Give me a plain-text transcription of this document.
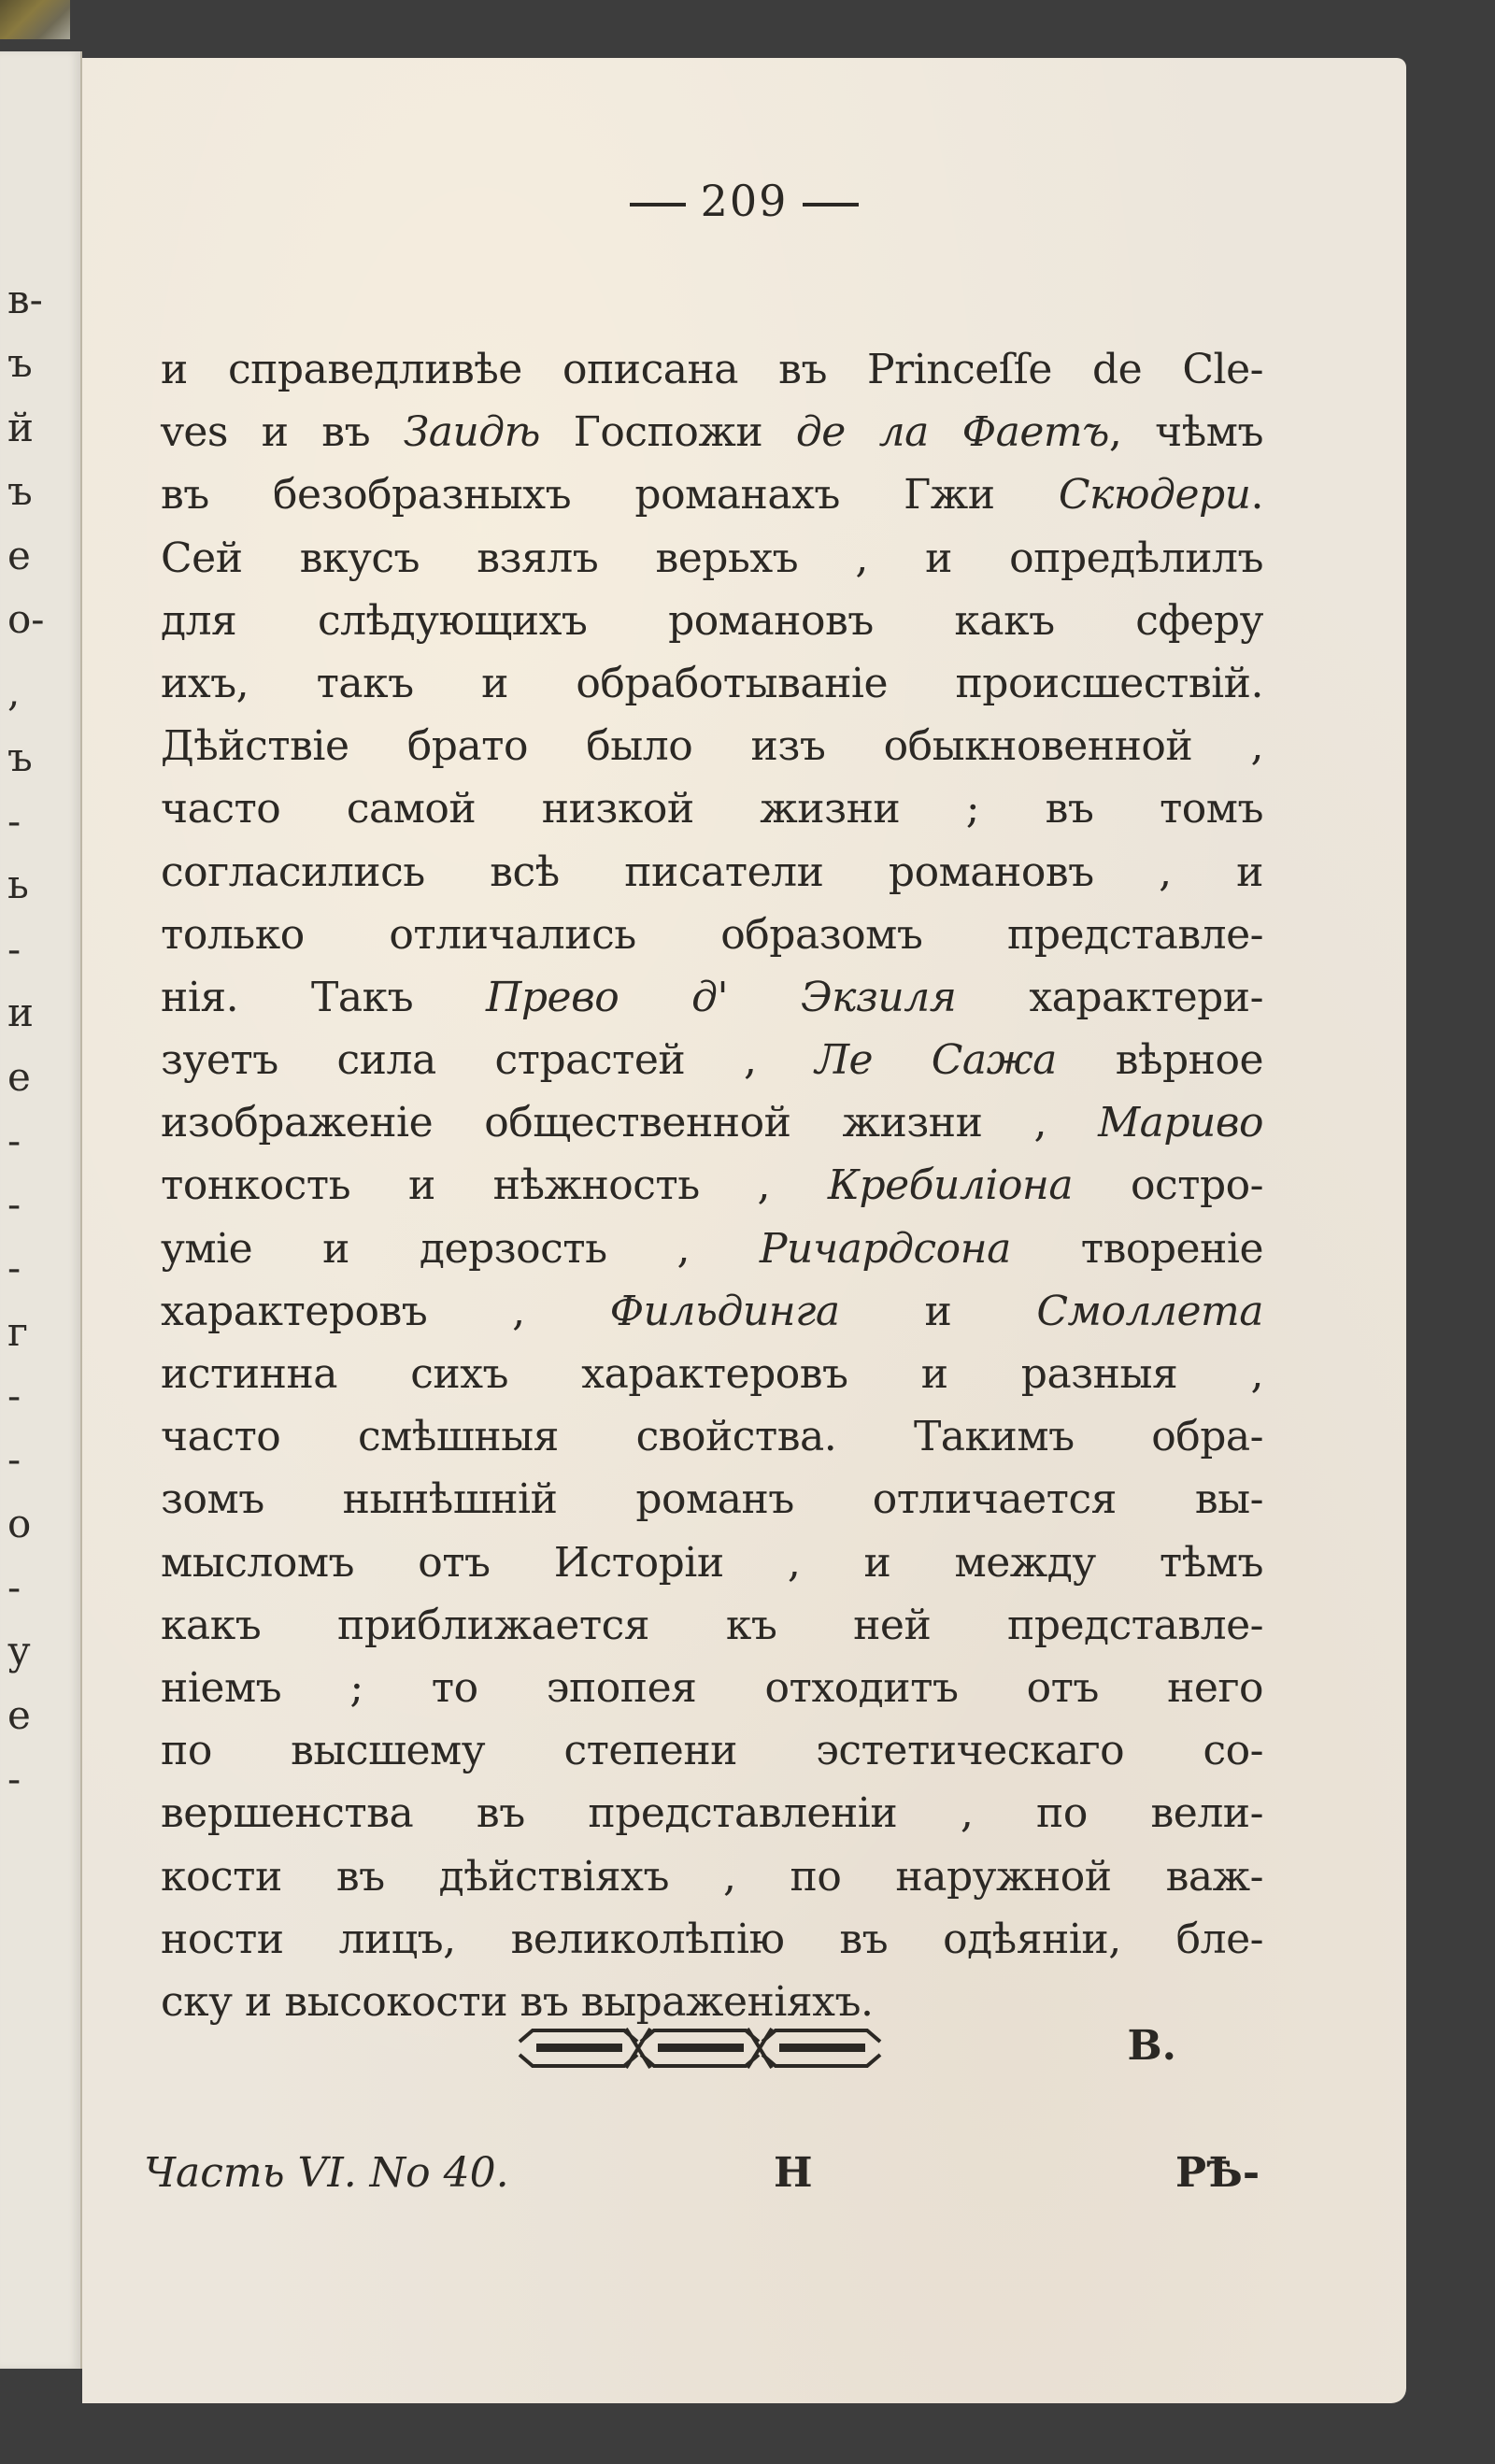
в-
ъ
й
ъ
е
о-
,
ъ
-
ь
-
и
е
-
-
-
г
-
-
о
-
у
е
-
209
и справедливѣе описана въ Princeſſe de Cle-
ves и въ Заидѣ Госпожи де ла Фаетъ, чѣмъ
въ безобразныхъ романахъ Гжи Скюдери.
Сей вкусъ взялъ верьхъ , и опредѣлилъ
для слѣдующихъ романовъ какъ сферу
ихъ, такъ и обработываніе происшествій.
Дѣйствіе брато было изъ обыкновенной ,
часто самой низкой жизни ; въ томъ
согласились всѣ писатели романовъ , и
только отличались образомъ представле-
нія. Такъ Прево д' Экзиля характери-
зуетъ сила страстей , Ле Сажа вѣрное
изображеніе общественной жизни , Мариво
тонкость и нѣжность , Кребиліона остро-
уміе и дерзость , Ричардсона твореніе
характеровъ , Фильдинга и Смоллета
истинна сихъ характеровъ и разныя ,
часто смѣшныя свойства. Такимъ обра-
зомъ нынѣшній романъ отличается вы-
мысломъ отъ Исторіи , и между тѣмъ
какъ приближается къ ней представле-
ніемъ ; то эпопея отходитъ отъ него
по высшему степени эстетическаго со-
вершенства въ представленіи , по вели-
кости въ дѣйствіяхъ , по наружной важ-
ности лицъ, великолѣпію въ одѣяніи, бле-
ску и высокости въ выраженіяхъ.
В.
Часть VI. No 40.	Н	РѢ-
